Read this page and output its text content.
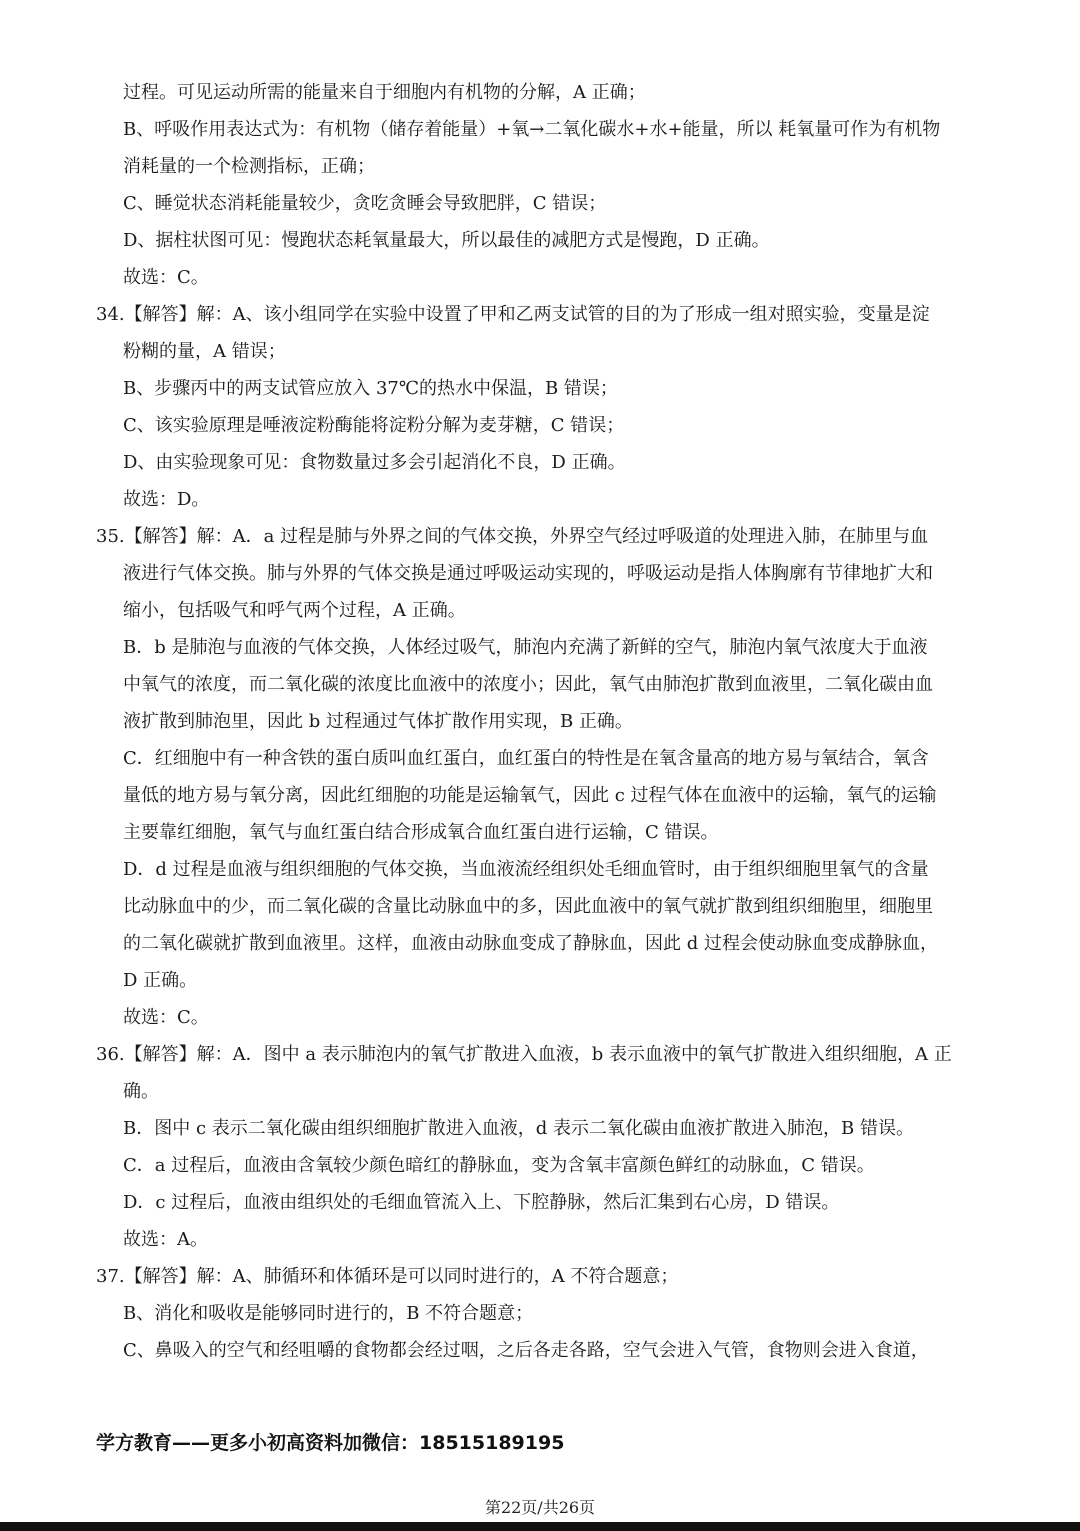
过程。可见运动所需的能量来自于细胞内有机物的分解，A 正确；
B、呼吸作用表达式为：有机物（储存着能量）+氧→二氧化碳水+水+能量，所以 耗氧量可作为有机物
消耗量的一个检测指标，正确；
C、睡觉状态消耗能量较少，贪吃贪睡会导致肥胖，C 错误；
D、据柱状图可见：慢跑状态耗氧量最大，所以最佳的减肥方式是慢跑，D 正确。
故选：C。
34.【解答】解：A、该小组同学在实验中设置了甲和乙两支试管的目的为了形成一组对照实验，变量是淀
粉糊的量，A 错误；
B、步骤丙中的两支试管应放入 37℃的热水中保温，B 错误；
C、该实验原理是唾液淀粉酶能将淀粉分解为麦芽糖，C 错误；
D、由实验现象可见：食物数量过多会引起消化不良，D 正确。
故选：D。
35.【解答】解：A．a 过程是肺与外界之间的气体交换，外界空气经过呼吸道的处理进入肺，在肺里与血
液进行气体交换。肺与外界的气体交换是通过呼吸运动实现的，呼吸运动是指人体胸廓有节律地扩大和
缩小，包括吸气和呼气两个过程，A 正确。
B．b 是肺泡与血液的气体交换，人体经过吸气，肺泡内充满了新鲜的空气，肺泡内氧气浓度大于血液
中氧气的浓度，而二氧化碳的浓度比血液中的浓度小；因此，氧气由肺泡扩散到血液里，二氧化碳由血
液扩散到肺泡里，因此 b 过程通过气体扩散作用实现，B 正确。
C．红细胞中有一种含铁的蛋白质叫血红蛋白，血红蛋白的特性是在氧含量高的地方易与氧结合，氧含
量低的地方易与氧分离，因此红细胞的功能是运输氧气，因此 c 过程气体在血液中的运输，氧气的运输
主要靠红细胞，氧气与血红蛋白结合形成氧合血红蛋白进行运输，C 错误。
D．d 过程是血液与组织细胞的气体交换，当血液流经组织处毛细血管时，由于组织细胞里氧气的含量
比动脉血中的少，而二氧化碳的含量比动脉血中的多，因此血液中的氧气就扩散到组织细胞里，细胞里
的二氧化碳就扩散到血液里。这样，血液由动脉血变成了静脉血，因此 d 过程会使动脉血变成静脉血，
D 正确。
故选：C。
36.【解答】解：A．图中 a 表示肺泡内的氧气扩散进入血液，b 表示血液中的氧气扩散进入组织细胞，A 正
确。
B．图中 c 表示二氧化碳由组织细胞扩散进入血液，d 表示二氧化碳由血液扩散进入肺泡，B 错误。
C．a 过程后，血液由含氧较少颜色暗红的静脉血，变为含氧丰富颜色鲜红的动脉血，C 错误。
D．c 过程后，血液由组织处的毛细血管流入上、下腔静脉，然后汇集到右心房，D 错误。
故选：A。
37.【解答】解：A、肺循环和体循环是可以同时进行的，A 不符合题意；
B、消化和吸收是能够同时进行的，B 不符合题意；
C、鼻吸入的空气和经咀嚼的食物都会经过咽，之后各走各路，空气会进入气管，食物则会进入食道，
学方教育——更多小初高资料加微信：18515189195
第22页/共26页
